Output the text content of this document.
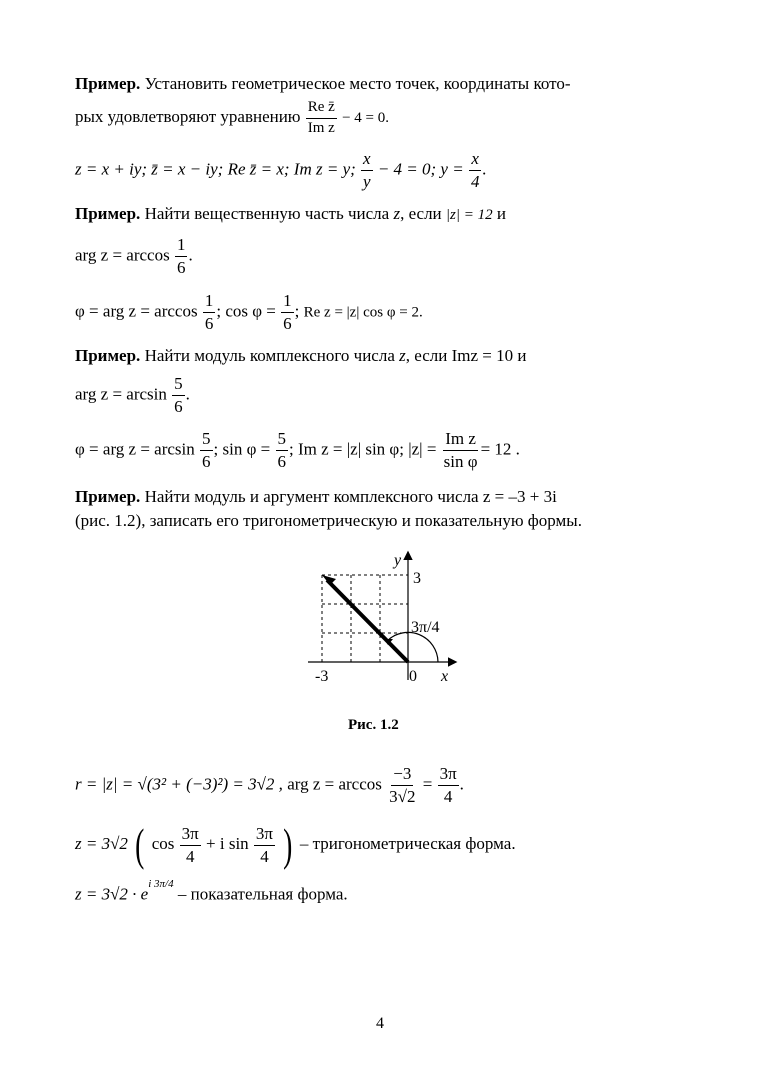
Пример. Установить геометрическое место точек, координаты кото-
рых удовлетворяют уравнению $\frac{\text{Re z̄}}{\text{Im z}} - 4 = 0$.
z = x + iy; z̄ = x − iy; Re z̄ = x; Im z = y; $\frac{x}{y} - 4 = 0$; $y = \frac{x}{4}$ .
Пример. Найти вещественную часть числа z, если |z| = 12 и
arg $z = \arccos \frac{1}{6}$ .
φ = arg $z = \arccos \frac{1}{6}$ ; $\cos \varphi = \frac{1}{6}$ ; Re z = |z| cos φ = 2.
Пример. Найти модуль комплексного числа z, если Imz = 10 и
arg $z = \arcsin \frac{5}{6}$ .
φ = arg $z = \arcsin \frac{5}{6}$ ; $\sin \varphi = \frac{5}{6}$ ; Im z = |z| sin φ; $|z| = \frac{\text{Im z}}{\text{sin φ}} = 12$ .
Пример. Найти модуль и аргумент комплексного числа z = –3 + 3i
(рис. 1.2), записать его тригонометрическую и показательную формы.
y
3
3π/4
-3	0 x
Рис. 1.2
r = |z| = √(3² + (−3)²) = 3√2 , arg $z = \arccos \frac{-3}{3√2} = \frac{3\pi}{4}$ .
z = 3√2 ( $\cos \frac{3\pi}{4} + i$ $\sin \frac{3\pi}{4}$ ) – тригонометрическая форма.
$z = 3√2 \cdot e^{i 3\pi/4}$ – показательная форма.
4
